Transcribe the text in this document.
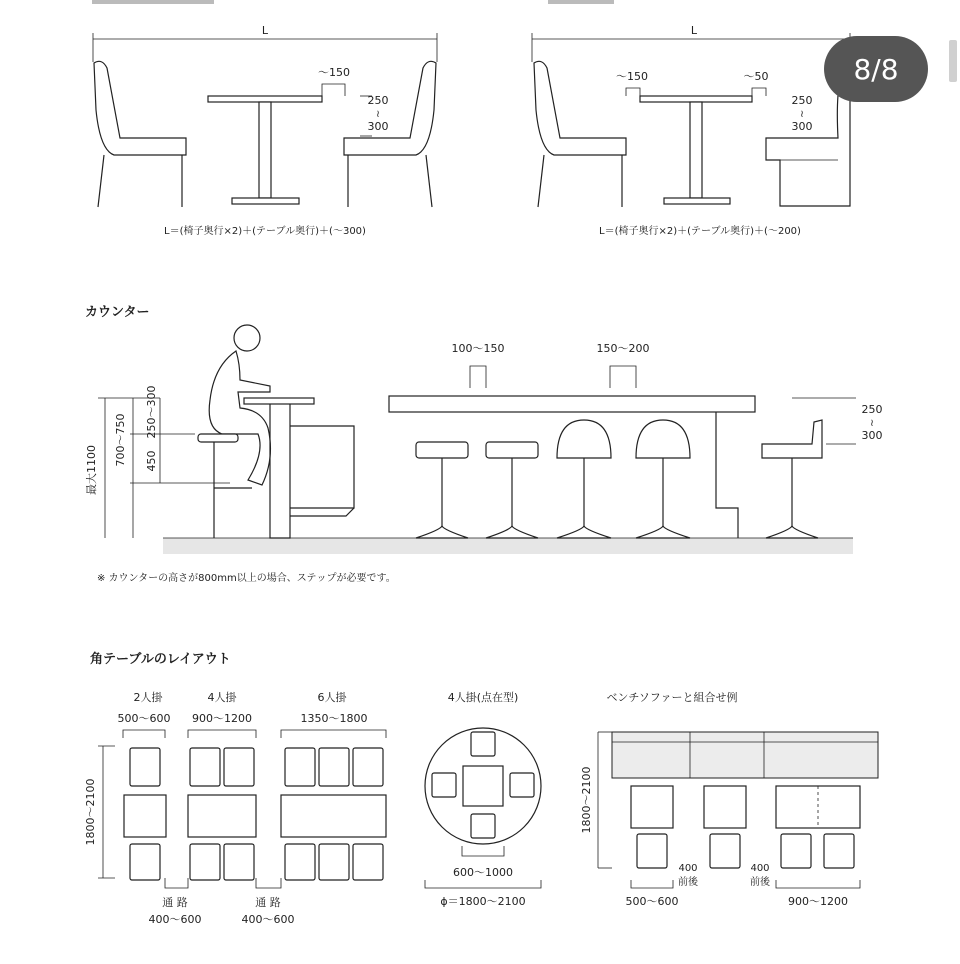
L
〜150
250
≀
300
L＝(椅子奥行×2)＋(テーブル奥行)＋(〜300)
L
〜150	〜50
250
≀
300
L＝(椅子奥行×2)＋(テーブル奥行)＋(〜200)
カウンター
最大1100
700〜750
250〜300
450
100〜150	150〜200
250
≀
300
※ カウンターの高さが800mm以上の場合、ステップが必要です。
角テーブルのレイアウト
2人掛	4人掛	6人掛
500〜600 900〜1200	1350〜1800
1800〜2100
通 路
400〜600
通 路
400〜600
4人掛(点在型)
600〜1000
ϕ＝1800〜2100
ベンチソファーと組合せ例
1800〜2100
400
前後
400
前後
500〜600	900〜1200
8/8
